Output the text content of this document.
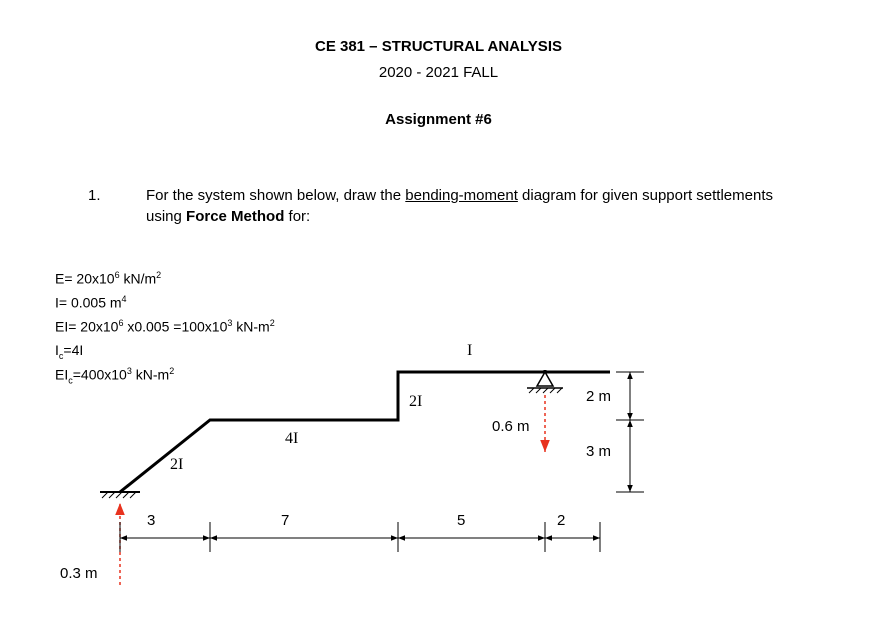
CE 381 – STRUCTURAL ANALYSIS
2020 - 2021 FALL
Assignment #6
1.	For the system shown below, draw the bending-moment diagram for given support settlements
using Force Method for:
$E= 20x10^6$ $kN/m^2$
I= 0.005 $m^4$
$EI= 20x10^6$ $x0.005 =100x10^3$ $kN-m^2$
$I_c=4I$
$EI_c=400x10^3$ $kN-m^2$
2I
4I
2I
I
3	7	5	2
2 m
3 m
0.3 m
0.6 m
